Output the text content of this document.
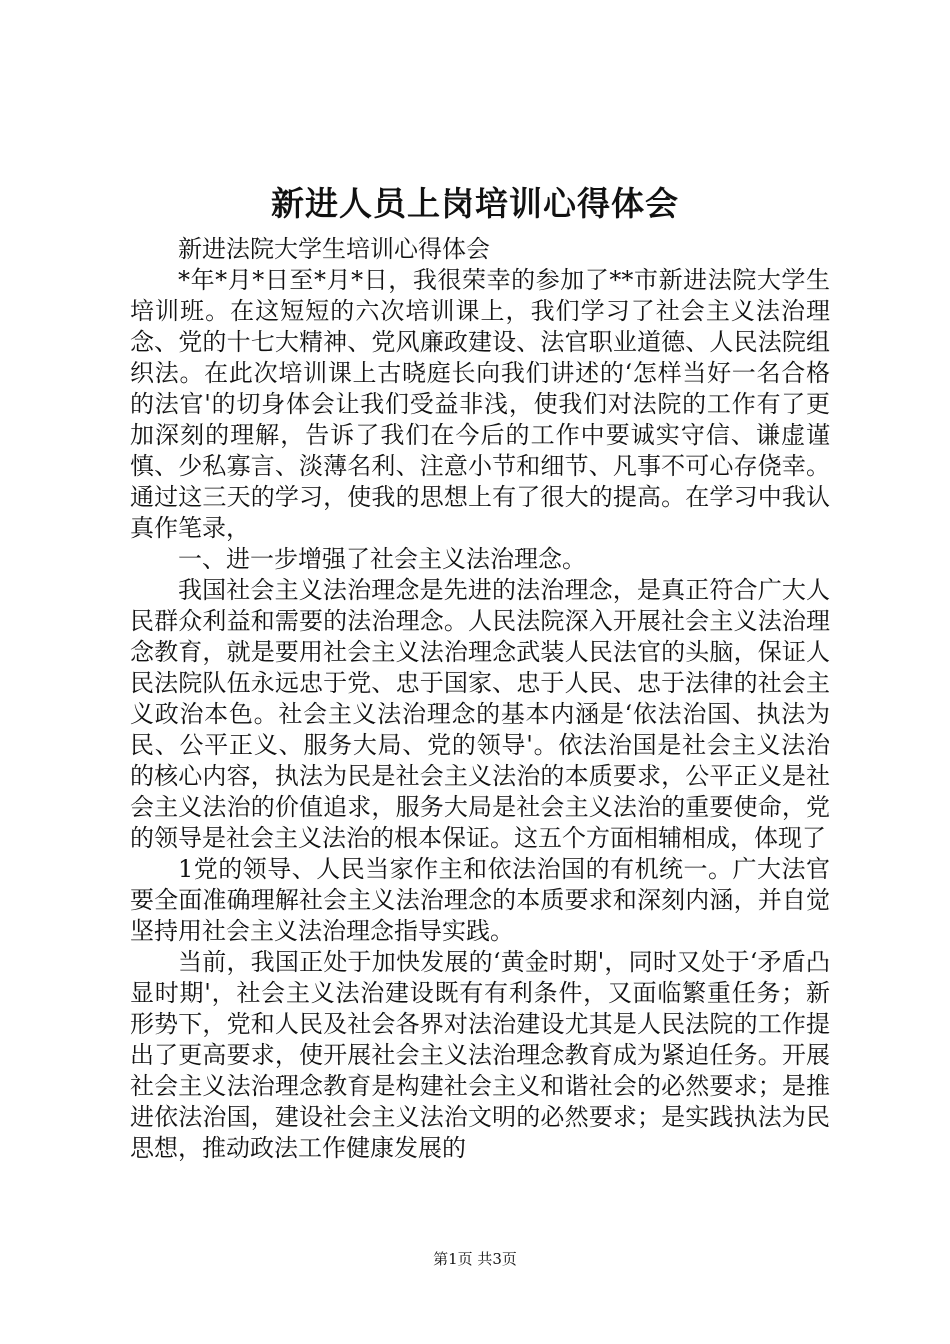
新进人员上岗培训心得体会

新进法院大学生培训心得体会

*年*月*日至*月*日，我很荣幸的参加了**市新进法院大学生培训班。在这短短的六次培训课上，我们学习了社会主义法治理念、党的十七大精神、党风廉政建设、法官职业道德、人民法院组织法。在此次培训课上古晓庭长向我们讲述的‘怎样当好一名合格的法官'的切身体会让我们受益非浅，使我们对法院的工作有了更加深刻的理解，告诉了我们在今后的工作中要诚实守信、谦虚谨慎、少私寡言、淡薄名利、注意小节和细节、凡事不可心存侥幸。通过这三天的学习，使我的思想上有了很大的提高。在学习中我认真作笔录，

一、进一步增强了社会主义法治理念。

我国社会主义法治理念是先进的法治理念，是真正符合广大人民群众利益和需要的法治理念。人民法院深入开展社会主义法治理念教育，就是要用社会主义法治理念武装人民法官的头脑，保证人民法院队伍永远忠于党、忠于国家、忠于人民、忠于法律的社会主义政治本色。社会主义法治理念的基本内涵是‘依法治国、执法为民、公平正义、服务大局、党的领导'。依法治国是社会主义法治的核心内容，执法为民是社会主义法治的本质要求，公平正义是社会主义法治的价值追求，服务大局是社会主义法治的重要使命，党的领导是社会主义法治的根本保证。这五个方面相辅相成，体现了

1党的领导、人民当家作主和依法治国的有机统一。广大法官要全面准确理解社会主义法治理念的本质要求和深刻内涵，并自觉坚持用社会主义法治理念指导实践。

当前，我国正处于加快发展的‘黄金时期'，同时又处于‘矛盾凸显时期'，社会主义法治建设既有有利条件，又面临繁重任务；新形势下，党和人民及社会各界对法治建设尤其是人民法院的工作提出了更高要求，使开展社会主义法治理念教育成为紧迫任务。开展社会主义法治理念教育是构建社会主义和谐社会的必然要求；是推进依法治国，建设社会主义法治文明的必然要求；是实践执法为民思想，推动政法工作健康发展的

第1页 共3页
